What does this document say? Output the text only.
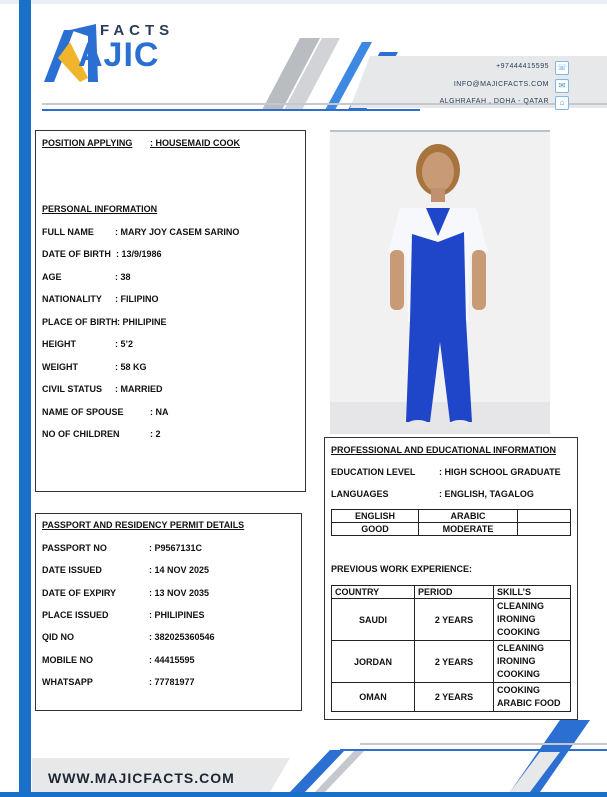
FACTS
AJIC	+97444415595
INFO@MAJICFACTS.COM
ALGHRAFAH , DOHA - QATAR
☏
✉
⌂
POSITION APPLYING : HOUSEMAID COOK
PERSONAL INFORMATION
FULL NAME : MARY JOY CASEM SARINO
DATE OF BIRTH : 13/9/1986
AGE	: 38
NATIONALITY : FILIPINO
PLACE OF BIRTH : PHILIPINE
HEIGHT	: 5’2
WEIGHT	: 58 KG
CIVIL STATUS : MARRIED
NAME OF SPOUSE	: NA
NO OF CHILDREN	: 2
PASSPORT AND RESIDENCY PERMIT DETAILS
PASSPORT NO	: P9567131C
DATE ISSUED	: 14 NOV 2025
DATE OF EXPIRY	: 13 NOV 2035
PLACE ISSUED	: PHILIPINES
QID NO	: 382025360546
MOBILE NO	: 44415595
WHATSAPP	: 77781977
PROFESSIONAL AND EDUCATIONAL INFORMATION
EDUCATION LEVEL	: HIGH SCHOOL GRADUATE
LANGUAGES	: ENGLISH, TAGALOG
ENGLISH	ARABIC	
GOOD	MODERATE	
PREVIOUS WORK EXPERIENCE:
COUNTRY	PERIOD	SKILL’S
SAUDI	2 YEARS	CLEANING
IRONING
COOKING

JORDAN	2 YEARS	CLEANING
IRONING
COOKING

OMAN	2 YEARS	COOKING
ARABIC FOOD
WWW.MAJICFACTS.COM
